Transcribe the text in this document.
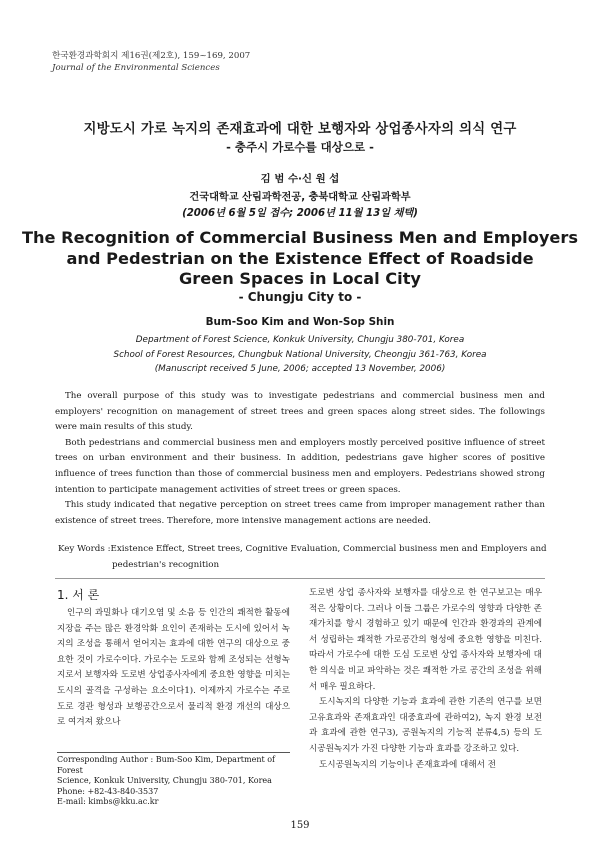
한국환경과학회지 제16권(제2호), 159~169, 2007
Journal of the Environmental Sciences
지방도시 가로 녹지의 존재효과에 대한 보행자와 상업종사자의 의식 연구
- 충주시 가로수를 대상으로 -
김 범 수·신 원 섭
건국대학교 산림과학전공, 충북대학교 산림과학부
(2006년 6월 5일 접수; 2006년 11월 13일 채택)
The Recognition of Commercial Business Men and Employers
and Pedestrian on the Existence Effect of Roadside
Green Spaces in Local City
- Chungju City to -
Bum-Soo Kim and Won-Sop Shin
Department of Forest Science, Konkuk University, Chungju 380-701, Korea
School of Forest Resources, Chungbuk National University, Cheongju 361-763, Korea
(Manuscript received 5 June, 2006; accepted 13 November, 2006)

The overall purpose of this study was to investigate pedestrians and commercial business men and employers' recognition on management of street trees and green spaces along street sides. The followings were main results of this study.

Both pedestrians and commercial business men and employers mostly perceived positive influence of street trees on urban environment and their business. In addition, pedestrians gave higher scores of positive influence of trees function than those of commercial business men and employers. Pedestrians showed strong intention to participate management activities of street trees or green spaces.

This study indicated that negative perception on street trees came from improper management rather than existence of street trees. Therefore, more intensive management actions are needed.

Key Words :Existence Effect, Street trees, Cognitive Evaluation, Commercial business men and Employers and
pedestrian's recognition
1. 서 론

인구의 과밀화나 대기오염 및 소음 등 인간의 쾌적한 활동에 지장을 주는 많은 환경악화 요인이 존재하는 도시에 있어서 녹지의 조성을 통해서 얻어지는 효과에 대한 연구의 대상으로 중요한 것이 가로수이다. 가로수는 도로와 함께 조성되는 선형녹지로서 보행자와 도로변 상업종사자에게 중요한 영향을 미치는 도시의 골격을 구성하는 요소이다1). 이제까지 가로수는 주로 도로 경관 형성과 보행공간으로서 물리적 환경 개선의 대상으로 여겨져 왔으나

도로변 상업 종사자와 보행자를 대상으로 한 연구보고는 매우 적은 상황이다. 그러나 이들 그룹은 가로수의 영향과 다양한 존재가치를 항시 경험하고 있기 때문에 인간과 환경과의 관계에서 성립하는 쾌적한 가로공간의 형성에 중요한 영향을 미친다. 따라서 가로수에 대한 도심 도로변 상업 종사자와 보행자에 대한 의식을 비교 파악하는 것은 쾌적한 가로 공간의 조성을 위해서 매우 필요하다.

도시녹지의 다양한 기능과 효과에 관한 기존의 연구를 보면 고유효과와 존재효과인 대중효과에 관하여2), 녹지 환경 보전과 효과에 관한 연구3), 공원녹지의 기능적 분류4,5) 등의 도시공원녹지가 가진 다양한 기능과 효과를 강조하고 있다.

도시공원녹지의 기능이나 존재효과에 대해서 전

Corresponding Author : Bum-Soo Kim, Department of Forest
Science, Konkuk University, Chungju 380-701, Korea
Phone: +82-43-840-3537
E-mail: kimbs@kku.ac.kr
159
